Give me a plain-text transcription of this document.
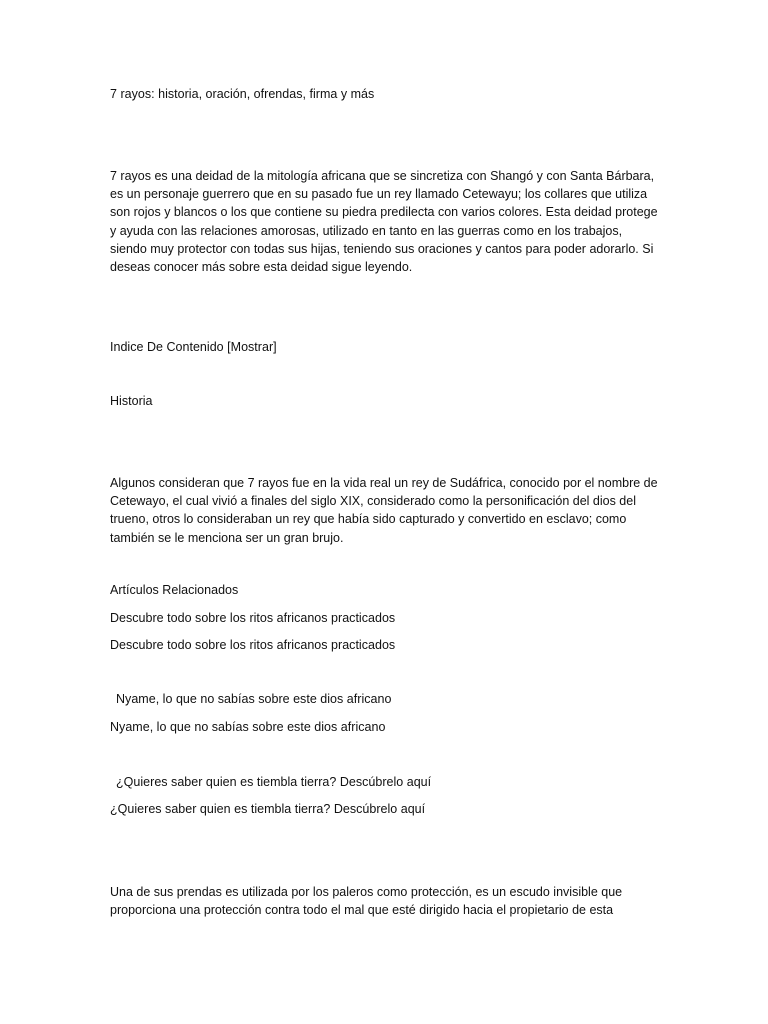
7 rayos: historia, oración, ofrendas, firma y más

7 rayos es una deidad de la mitología africana que se sincretiza con Shangó y con Santa Bárbara, es un personaje guerrero que en su pasado fue un rey llamado Cetewayu; los collares que utiliza son rojos y blancos o los que contiene su piedra predilecta con varios colores. Esta deidad protege y ayuda con las relaciones amorosas, utilizado en tanto en las guerras como en los trabajos, siendo muy protector con todas sus hijas, teniendo sus oraciones y cantos para poder adorarlo. Si deseas conocer más sobre esta deidad sigue leyendo.

Indice De Contenido [Mostrar]
Historia

Algunos consideran que 7 rayos fue en la vida real un rey de Sudáfrica, conocido por el nombre de Cetewayo, el cual vivió a finales del siglo XIX, considerado como la personificación del dios del trueno, otros lo consideraban un rey que había sido capturado y convertido en esclavo; como también se le menciona ser un gran brujo.

Artículos Relacionados
Descubre todo sobre los ritos africanos practicados
Descubre todo sobre los ritos africanos practicados
Nyame, lo que no sabías sobre este dios africano
Nyame, lo que no sabías sobre este dios africano
¿Quieres saber quien es tiembla tierra? Descúbrelo aquí
¿Quieres saber quien es tiembla tierra? Descúbrelo aquí

Una de sus prendas es utilizada por los paleros como protección, es un escudo invisible que proporciona una protección contra todo el mal que esté dirigido hacia el propietario de esta
